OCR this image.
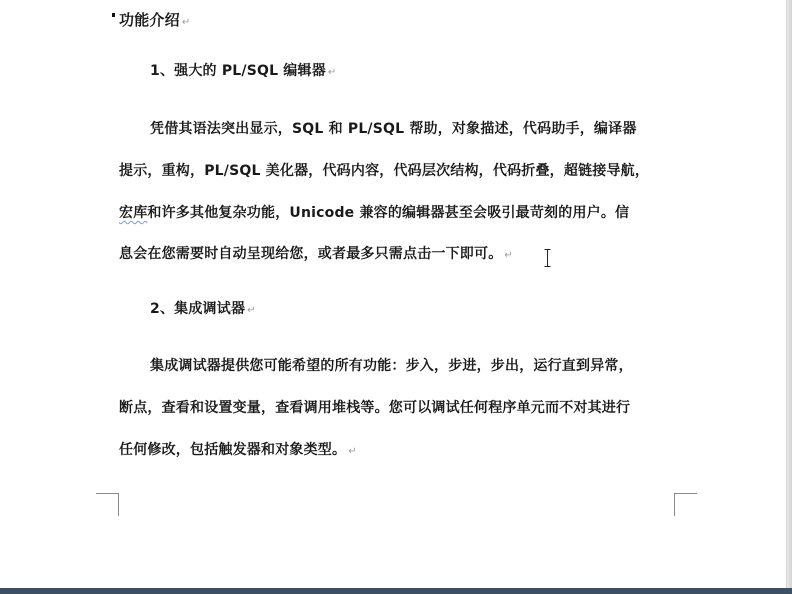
功能介绍 ↵
1、强大的 PL/SQL 编辑器 ↵
凭借其语法突出显示，SQL 和 PL/SQL 帮助，对象描述，代码助手，编译器
提示，重构，PL/SQL 美化器，代码内容，代码层次结构，代码折叠，超链接导航，
宏库和许多其他复杂功能，Unicode 兼容的编辑器甚至会吸引最苛刻的用户。信
息会在您需要时自动呈现给您，或者最多只需点击一下即可。 ↵
2、集成调试器 ↵
集成调试器提供您可能希望的所有功能：步入，步进，步出，运行直到异常，
断点，查看和设置变量，查看调用堆栈等。您可以调试任何程序单元而不对其进行
任何修改，包括触发器和对象类型。 ↵
